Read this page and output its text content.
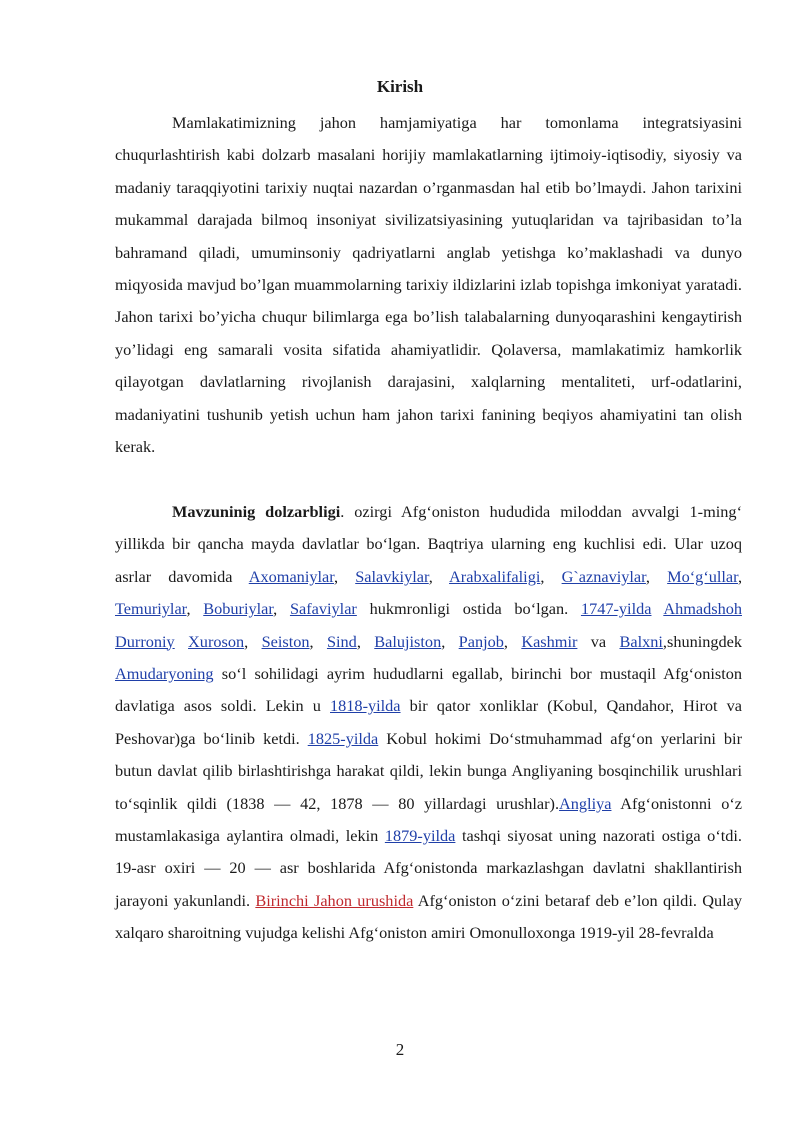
Kirish

Mamlakatimizning jahon hamjamiyatiga har tomonlama integratsiyasini chuqurlashtirish kabi dolzarb masalani horijiy mamlakatlarning ijtimoiy-iqtisodiy, siyosiy va madaniy taraqqiyotini tarixiy nuqtai nazardan o’rganmasdan hal etib bo’lmaydi. Jahon tarixini mukammal darajada bilmoq insoniyat sivilizatsiyasining yutuqlaridan va tajribasidan to’la bahramand qiladi, umuminsoniy qadriyatlarni anglab yetishga ko’maklashadi va dunyo miqyosida mavjud bo’lgan muammolarning tarixiy ildizlarini izlab topishga imkoniyat yaratadi. Jahon tarixi bo’yicha chuqur bilimlarga ega bo’lish talabalarning dunyoqarashini kengaytirish yo’lidagi eng samarali vosita sifatida ahamiyatlidir. Qolaversa, mamlakatimiz hamkorlik qilayotgan davlatlarning rivojlanish darajasini, xalqlarning mentaliteti, urf-odatlarini, madaniyatini tushunib yetish uchun ham jahon tarixi fanining beqiyos ahamiyatini tan olish kerak.

Mavzuninig dolzarbligi. ozirgi Afgʻoniston hududida miloddan avvalgi 1-mingʻ yillikda bir qancha mayda davlatlar boʻlgan. Baqtriya ularning eng kuchlisi edi. Ular uzoq asrlar davomida Axomaniylar, Salavkiylar, Arabxalifaligi, G`aznaviylar, Moʻgʻullar, Temuriylar, Boburiylar, Safaviylar hukmronligi ostida boʻlgan. 1747-yilda Ahmadshoh Durroniy Xuroson, Seiston, Sind, Balujiston, Panjob, Kashmir va Balxni,shuningdek Amudaryoning soʻl sohilidagi ayrim hududlarni egallab, birinchi bor mustaqil Afgʻoniston davlatiga asos soldi. Lekin u 1818-yilda bir qator xonliklar (Kobul, Qandahor, Hirot va Peshovar)ga boʻlinib ketdi. 1825-yilda Kobul hokimi Doʻstmuhammad afgʻon yerlarini bir butun davlat qilib birlashtirishga harakat qildi, lekin bunga Angliyaning bosqinchilik urushlari toʻsqinlik qildi (1838 — 42, 1878 — 80 yillardagi urushlar).Angliya Afgʻonistonni oʻz mustamlakasiga aylantira olmadi, lekin 1879-yilda tashqi siyosat uning nazorati ostiga oʻtdi. 19-asr oxiri — 20 — asr boshlarida Afgʻonistonda markazlashgan davlatni shakllantirish jarayoni yakunlandi. Birinchi Jahon urushida Afgʻoniston oʻzini betaraf deb eʼlon qildi. Qulay xalqaro sharoitning vujudga kelishi Afgʻoniston amiri Omonulloxonga 1919-yil 28-fevralda

2
